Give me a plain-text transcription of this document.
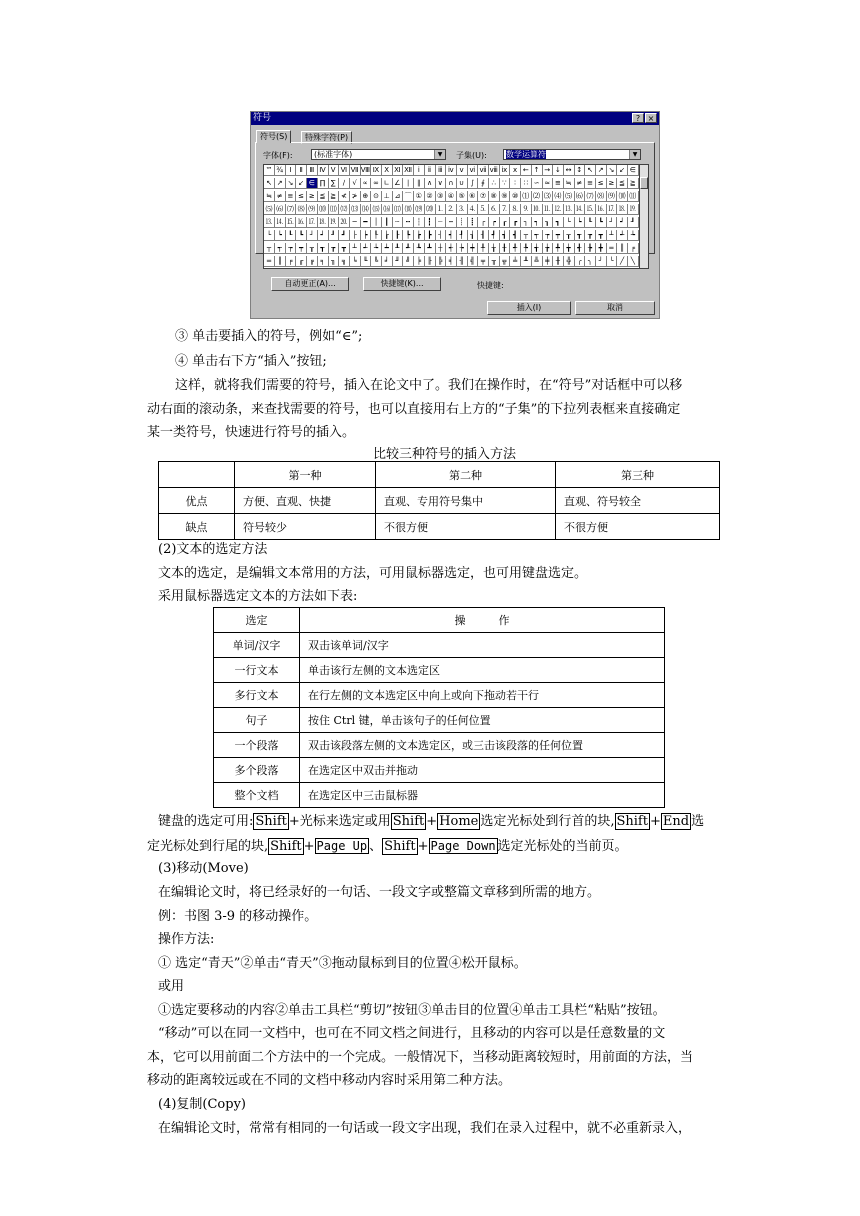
符号	? ×
符号(S)	特殊字符(P)
字体(F):	(标准字体)	▼	子集(U):	数学运算符	▼
™ ¾ Ⅰ	Ⅱ Ⅲ Ⅳ Ⅴ Ⅵ Ⅶ Ⅷ Ⅸ Ⅹ Ⅺ Ⅻ ⅰ	ⅱ ⅲ ⅳ ⅴ ⅵ ⅶ ⅷ ⅸ ⅹ ← ↑ → ↓ ↔ ↕ ↖ ↗ ↘ ↙ ∈
↖ ↗ ↘ ↙ ∈ ∏ ∑	∕	√ ∝ ∞ ∟ ∠ ∣	∥ ∧ ∨ ∩ ∪ ∫	∮ ∴ ∵	∶	∷ ∽ ≈ ≌ ≒ ≠ ≡ ≤ ≥ ≦ ≧
≒ ≠ ≡ ≤ ≥ ≦ ≧ ≮ ≯ ⊕ ⊙ ⊥ ⊿ ⌒ ① ② ③ ④ ⑤ ⑥ ⑦ ⑧ ⑨ ⑩ ⑴ ⑵ ⑶ ⑷ ⑸ ⑹ ⑺ ⑻ ⑼ ⑽ ⑾
⑸ ⑹ ⑺ ⑻ ⑼ ⑽ ⑾ ⑿ ⒀ ⒁ ⒂ ⒃ ⒄ ⒅ ⒆ ⒇ ⒈ ⒉ ⒊ ⒋ ⒌ ⒍ ⒎ ⒏ ⒐ ⒑ ⒒ ⒓ ⒔ ⒕ ⒖ ⒗ ⒘ ⒙ ⒚
⒔ ⒕ ⒖ ⒗ ⒘ ⒙ ⒚ ⒛ ─ ━ │ ┃ ┄ ┅ ┆ ┇ ┈ ┉ ┊ ┋ ┌ ┍ ┎ ┏ ┐ ┑ ┒ ┓ └ ┕ ┖ ┗ ┘ ┙ ┚
└ ┕ ┖ ┗ ┘ ┙ ┚ ┛ ├ ┝ ┞ ┟ ┠ ┡ ┢ ┣ ┤ ┥ ┦ ┧ ┨ ┩ ┪ ┫ ┬ ┭ ┮ ┯ ┰ ┱ ┲ ┳ ┴ ┵ ┶
┬ ┭ ┮ ┯ ┰ ┱ ┲ ┳ ┴ ┵ ┶ ┷ ┸ ┹ ┺ ┻ ┼ ┽ ┾ ┿ ╀ ╁ ╂ ╃ ╄ ╅ ╆ ╇ ╈ ╉ ╊ ╋ ═ ║ ╒
═ ║ ╒ ╓ ╔ ╕ ╖ ╗ ╘ ╙ ╚ ╛ ╜ ╝ ╞ ╟ ╠ ╡ ╢ ╣ ╤ ╥ ╦ ╧ ╨ ╩ ╪ ╫ ╬ ╭ ╮ ╯ ╰ ╱ ╲
自动更正(A)...	快捷键(K)...	快捷键:
插入(I)	取消
③ 单击要插入的符号，例如“∈”;
④ 单击右下方“插入”按钮;
这样，就将我们需要的符号，插入在论文中了。我们在操作时，在“符号”对话框中可以移
动右面的滚动条，来查找需要的符号，也可以直接用右上方的“子集”的下拉列表框来直接确定
某一类符号，快速进行符号的插入。
比较三种符号的插入方法
	第一种	第二种	第三种
优点	方便、直观、快捷	直观、专用符号集中	直观、符号较全
缺点	符号较少	不很方便	不很方便
(2)文本的选定方法
文本的选定，是编辑文本常用的方法，可用鼠标器选定，也可用键盘选定。
采用鼠标器选定文本的方法如下表:
选定	操　　　作
单词/汉字	双击该单词/汉字
一行文本	单击该行左侧的文本选定区
多行文本	在行左侧的文本选定区中向上或向下拖动若干行
句子	按住 Ctrl 键，单击该句子的任何位置
一个段落	双击该段落左侧的文本选定区，或三击该段落的任何位置
多个段落	在选定区中双击并拖动
整个文档	在选定区中三击鼠标器
键盘的选定可用: Shift +光标来选定或用 Shift + Home 选定光标处到行首的块, Shift + End 选
定光标处到行尾的块, Shift + Page Up 、 Shift + Page Down 选定光标处的当前页。
(3)移动(Move)
在编辑论文时，将已经录好的一句话、一段文字或整篇文章移到所需的地方。
例：书图 3-9 的移动操作。
操作方法:
① 选定“青天”②单击“青天”③拖动鼠标到目的位置④松开鼠标。
或用
①选定要移动的内容②单击工具栏“剪切”按钮③单击目的位置④单击工具栏“粘贴”按钮。
“移动”可以在同一文档中，也可在不同文档之间进行，且移动的内容可以是任意数量的文
本，它可以用前面二个方法中的一个完成。一般情况下，当移动距离较短时，用前面的方法，当
移动的距离较远或在不同的文档中移动内容时采用第二种方法。
(4)复制(Copy)
在编辑论文时，常常有相同的一句话或一段文字出现，我们在录入过程中，就不必重新录入，
